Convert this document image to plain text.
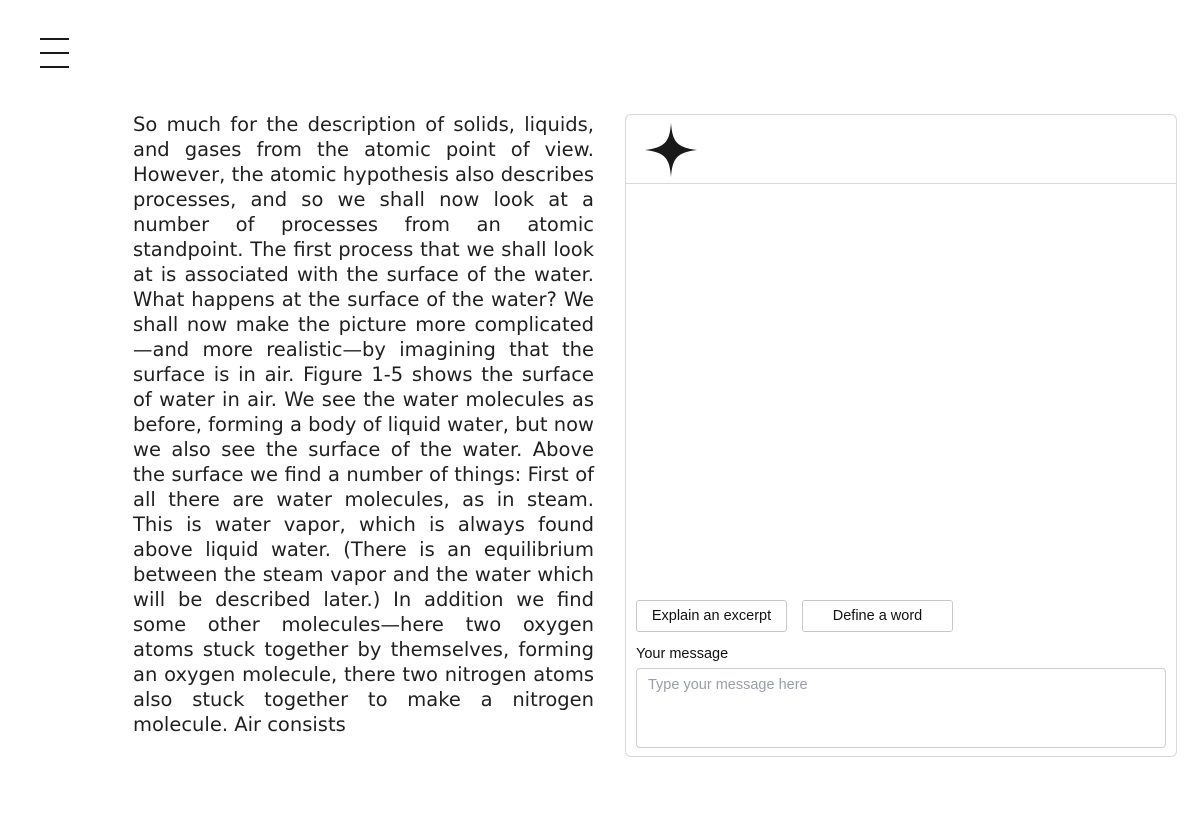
So much for the description of solids, liquids, and gases from the atomic point of view. However, the atomic hypothesis also describes processes, and so we shall now look at a number of processes from an atomic standpoint. The first process that we shall look at is associated with the surface of the water. What happens at the surface of the water? We shall now make the picture more complicated—and more realistic—by imagining that the surface is in air. Figure 1-5 shows the surface of water in air. We see the water molecules as before, forming a body of liquid water, but now we also see the surface of the water. Above the surface we find a number of things: First of all there are water molecules, as in steam. This is water vapor, which is always found above liquid water. (There is an equilibrium between the steam vapor and the water which will be described later.) In addition we find some other molecules—here two oxygen atoms stuck together by themselves, forming an oxygen molecule, there two nitrogen atoms also stuck together to make a nitrogen molecule. Air consists
Explain an excerpt	Define a word
Your message
Type your message here
